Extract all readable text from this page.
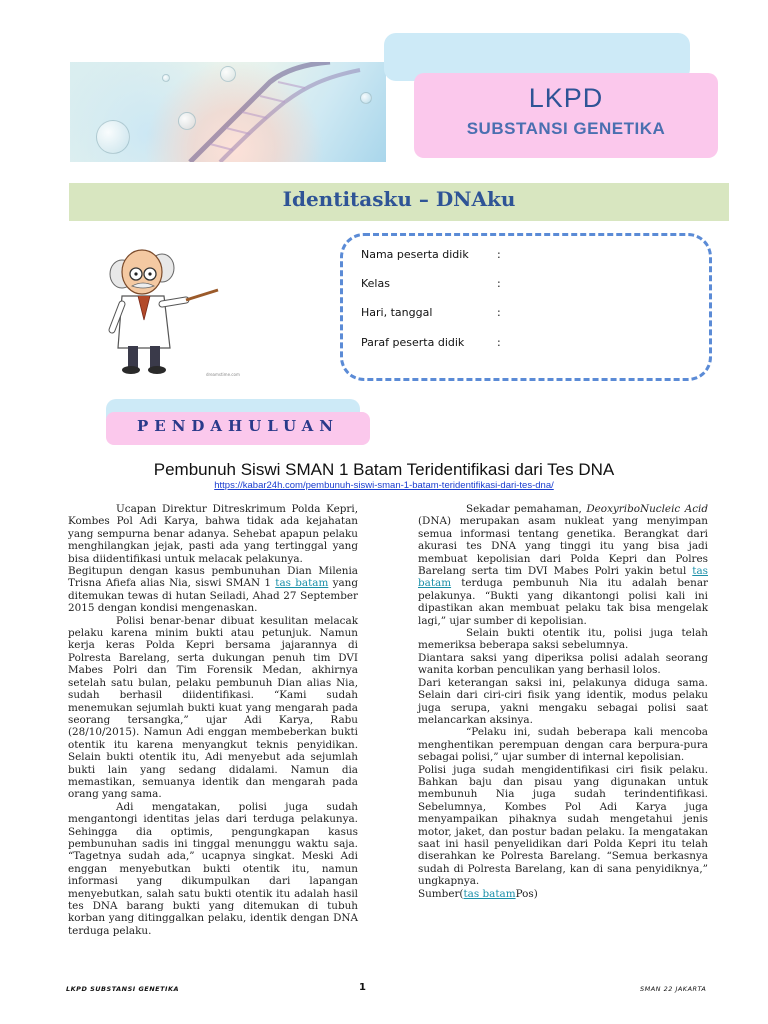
LKPD
SUBSTANSI GENETIKA
Identitasku – DNAku
dreamstime.com
Nama peserta didik	:
Kelas	:
Hari, tanggal	:
Paraf peserta didik	:
PENDAHULUAN
Pembunuh Siswi SMAN 1 Batam Teridentifikasi dari Tes DNA
https://kabar24h.com/pembunuh-siswi-sman-1-batam-teridentifikasi-dari-tes-dna/

Ucapan Direktur Ditreskrimum Polda Kepri, Kombes Pol Adi Karya, bahwa tidak ada kejahatan yang sempurna benar adanya. Sehebat apapun pelaku menghilangkan jejak, pasti ada yang tertinggal yang bisa diidentifikasi untuk melacak pelakunya.

Begitupun dengan kasus pembunuhan Dian Milenia Trisna Afiefa alias Nia, siswi SMAN 1 tas batam yang ditemukan tewas di hutan Seiladi, Ahad 27 September 2015 dengan kondisi mengenaskan.

Polisi benar-benar dibuat kesulitan melacak pelaku karena minim bukti atau petunjuk. Namun kerja keras Polda Kepri bersama jajarannya di Polresta Barelang, serta dukungan penuh tim DVI Mabes Polri dan Tim Forensik Medan, akhirnya setelah satu bulan, pelaku pembunuh Dian alias Nia, sudah berhasil diidentifikasi. “Kami sudah menemukan sejumlah bukti kuat yang mengarah pada seorang tersangka,” ujar Adi Karya, Rabu (28/10/2015). Namun Adi enggan membeberkan bukti otentik itu karena menyangkut teknis penyidikan. Selain bukti otentik itu, Adi menyebut ada sejumlah bukti lain yang sedang didalami. Namun dia memastikan, semuanya identik dan mengarah pada orang yang sama.

Adi mengatakan, polisi juga sudah mengantongi identitas jelas dari terduga pelakunya. Sehingga dia optimis, pengungkapan kasus pembunuhan sadis ini tinggal menunggu waktu saja. “Tagetnya sudah ada,” ucapnya singkat. Meski Adi enggan menyebutkan bukti otentik itu, namun informasi yang dikumpulkan dari lapangan menyebutkan, salah satu bukti otentik itu adalah hasil tes DNA barang bukti yang ditemukan di tubuh korban yang ditinggalkan pelaku, identik dengan DNA terduga pelaku.

Sekadar pemahaman, DeoxyriboNucleic Acid (DNA) merupakan asam nukleat yang menyimpan semua informasi tentang genetika. Berangkat dari akurasi tes DNA yang tinggi itu yang bisa jadi membuat kepolisian dari Polda Kepri dan Polres Barelang serta tim DVI Mabes Polri yakin betul tas batam terduga pembunuh Nia itu adalah benar pelakunya. “Bukti yang dikantongi polisi kali ini dipastikan akan membuat pelaku tak bisa mengelak lagi,” ujar sumber di kepolisian.

Selain bukti otentik itu, polisi juga telah memeriksa beberapa saksi sebelumnya.

Diantara saksi yang diperiksa polisi adalah seorang wanita korban penculikan yang berhasil lolos.

Dari keterangan saksi ini, pelakunya diduga sama. Selain dari ciri-ciri fisik yang identik, modus pelaku juga serupa, yakni mengaku sebagai polisi saat melancarkan aksinya.

“Pelaku ini, sudah beberapa kali mencoba menghentikan perempuan dengan cara berpura-pura sebagai polisi,” ujar sumber di internal kepolisian.

Polisi juga sudah mengidentifikasi ciri fisik pelaku. Bahkan baju dan pisau yang digunakan untuk membunuh Nia juga sudah terindentifikasi. Sebelumnya, Kombes Pol Adi Karya juga menyampaikan pihaknya sudah mengetahui jenis motor, jaket, dan postur badan pelaku. Ia mengatakan saat ini hasil penyelidikan dari Polda Kepri itu telah diserahkan ke Polresta Barelang. “Semua berkasnya sudah di Polresta Barelang, kan di sana penyidiknya,” ungkapnya.

Sumber(tas batamPos)

LKPD SUBSTANSI GENETIKA	1	SMAN 22 JAKARTA
